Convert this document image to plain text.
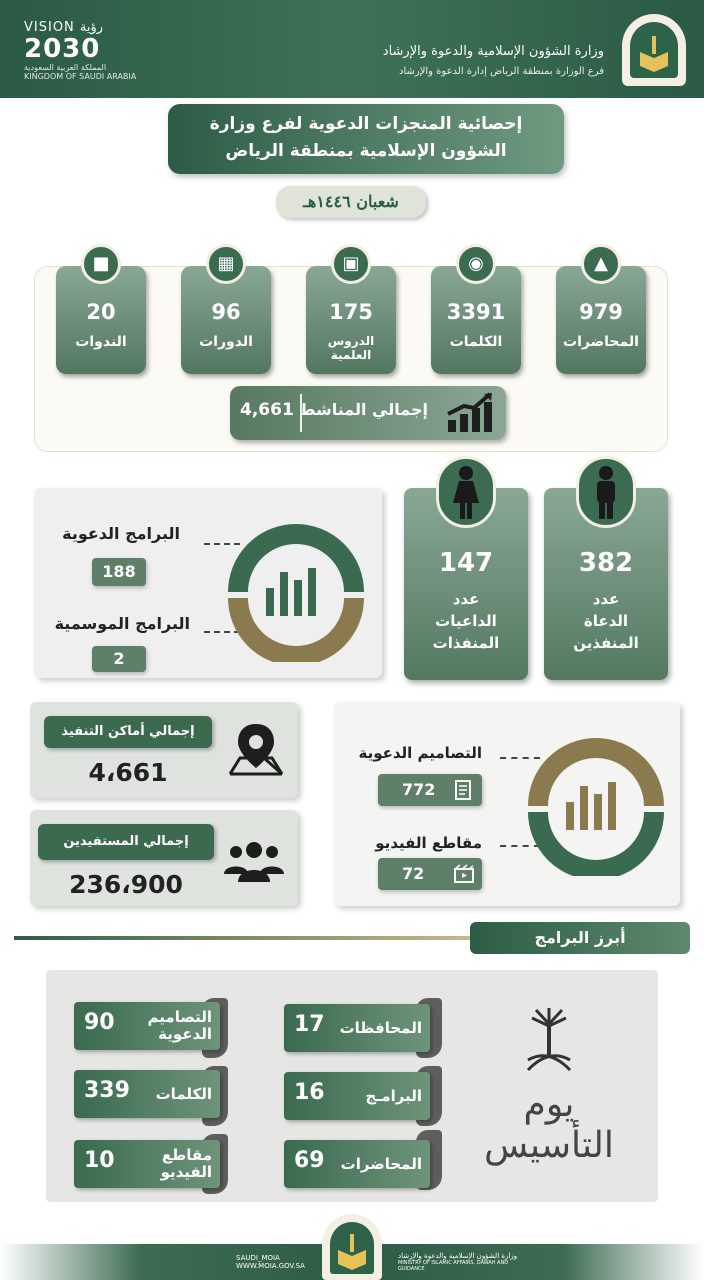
VISION رؤية
2030
المملكة العربية السعودية
KINGDOM OF SAUDI ARABIA
وزارة الشؤون الإسلامية والدعوة والإرشاد
فرع الوزارة بمنطقة الرياض إدارة الدعوة والإرشاد
إحصائية المنجزات الدعوية لفرع وزارة
الشؤون الإسلامية بمنطقة الرياض
شعبان ١٤٤٦هـ
▲
979
المحاضرات
◉
3391
الكلمات
▣
175
الدروس العلمية
▦
96
الدورات
■
20
الندوات
4,661 إجمالي المناشط
382
عدد
الدعاة
المنفذين
147
عدد
الداعيات
المنفذات
البرامج الدعوية
188
البرامج الموسمية
2
إجمالي أماكن التنفيذ
4،661
إجمالي المستفيدين
236،900
التصاميم الدعوية
772
مقاطع الفيديو
72
أبرز البرامج
17 المحافظات
16	البرامـج
69 المحاضرات
90 التصاميم
الدعوية
339 الكلمات
10	مقاطع
الفيديو
يوم التأسيس
SAUDI_MOIA
WWW.MOIA.GOV.SA
وزارة الشؤون الإسلامية والدعوة والإرشاد
MINISTRY OF ISLAMIC AFFAIRS, DAWAH AND GUIDANCE
